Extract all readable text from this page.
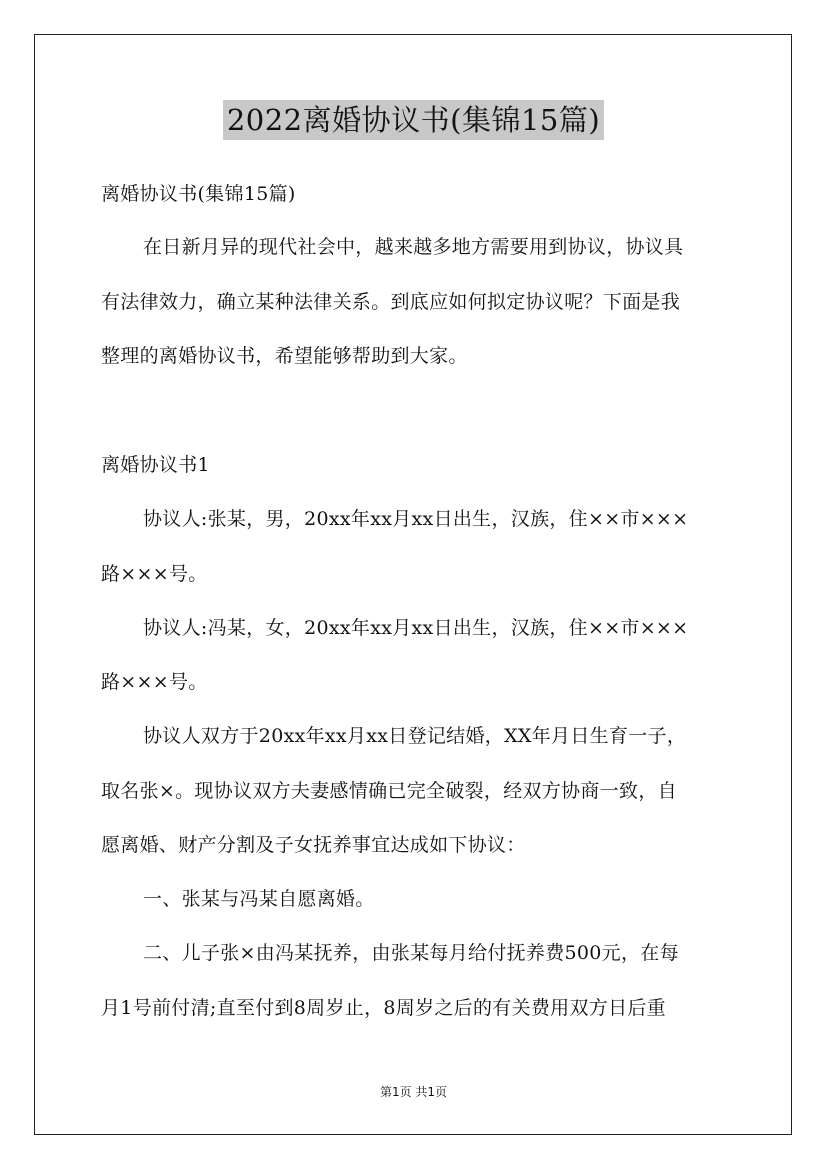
2022离婚协议书(集锦15篇)
离婚协议书(集锦15篇)
在日新月异的现代社会中，越来越多地方需要用到协议，协议具
有法律效力，确立某种法律关系。到底应如何拟定协议呢？下面是我
整理的离婚协议书，希望能够帮助到大家。
离婚协议书1
协议人:张某，男，20xx年xx月xx日出生，汉族，住××市×××
路×××号。
协议人:冯某，女，20xx年xx月xx日出生，汉族，住××市×××
路×××号。
协议人双方于20xx年xx月xx日登记结婚，XX年月日生育一子，
取名张×。现协议双方夫妻感情确已完全破裂，经双方协商一致，自
愿离婚、财产分割及子女抚养事宜达成如下协议：
一、张某与冯某自愿离婚。
二、儿子张×由冯某抚养，由张某每月给付抚养费500元，在每
月1号前付清;直至付到8周岁止，8周岁之后的有关费用双方日后重
第1页 共1页
